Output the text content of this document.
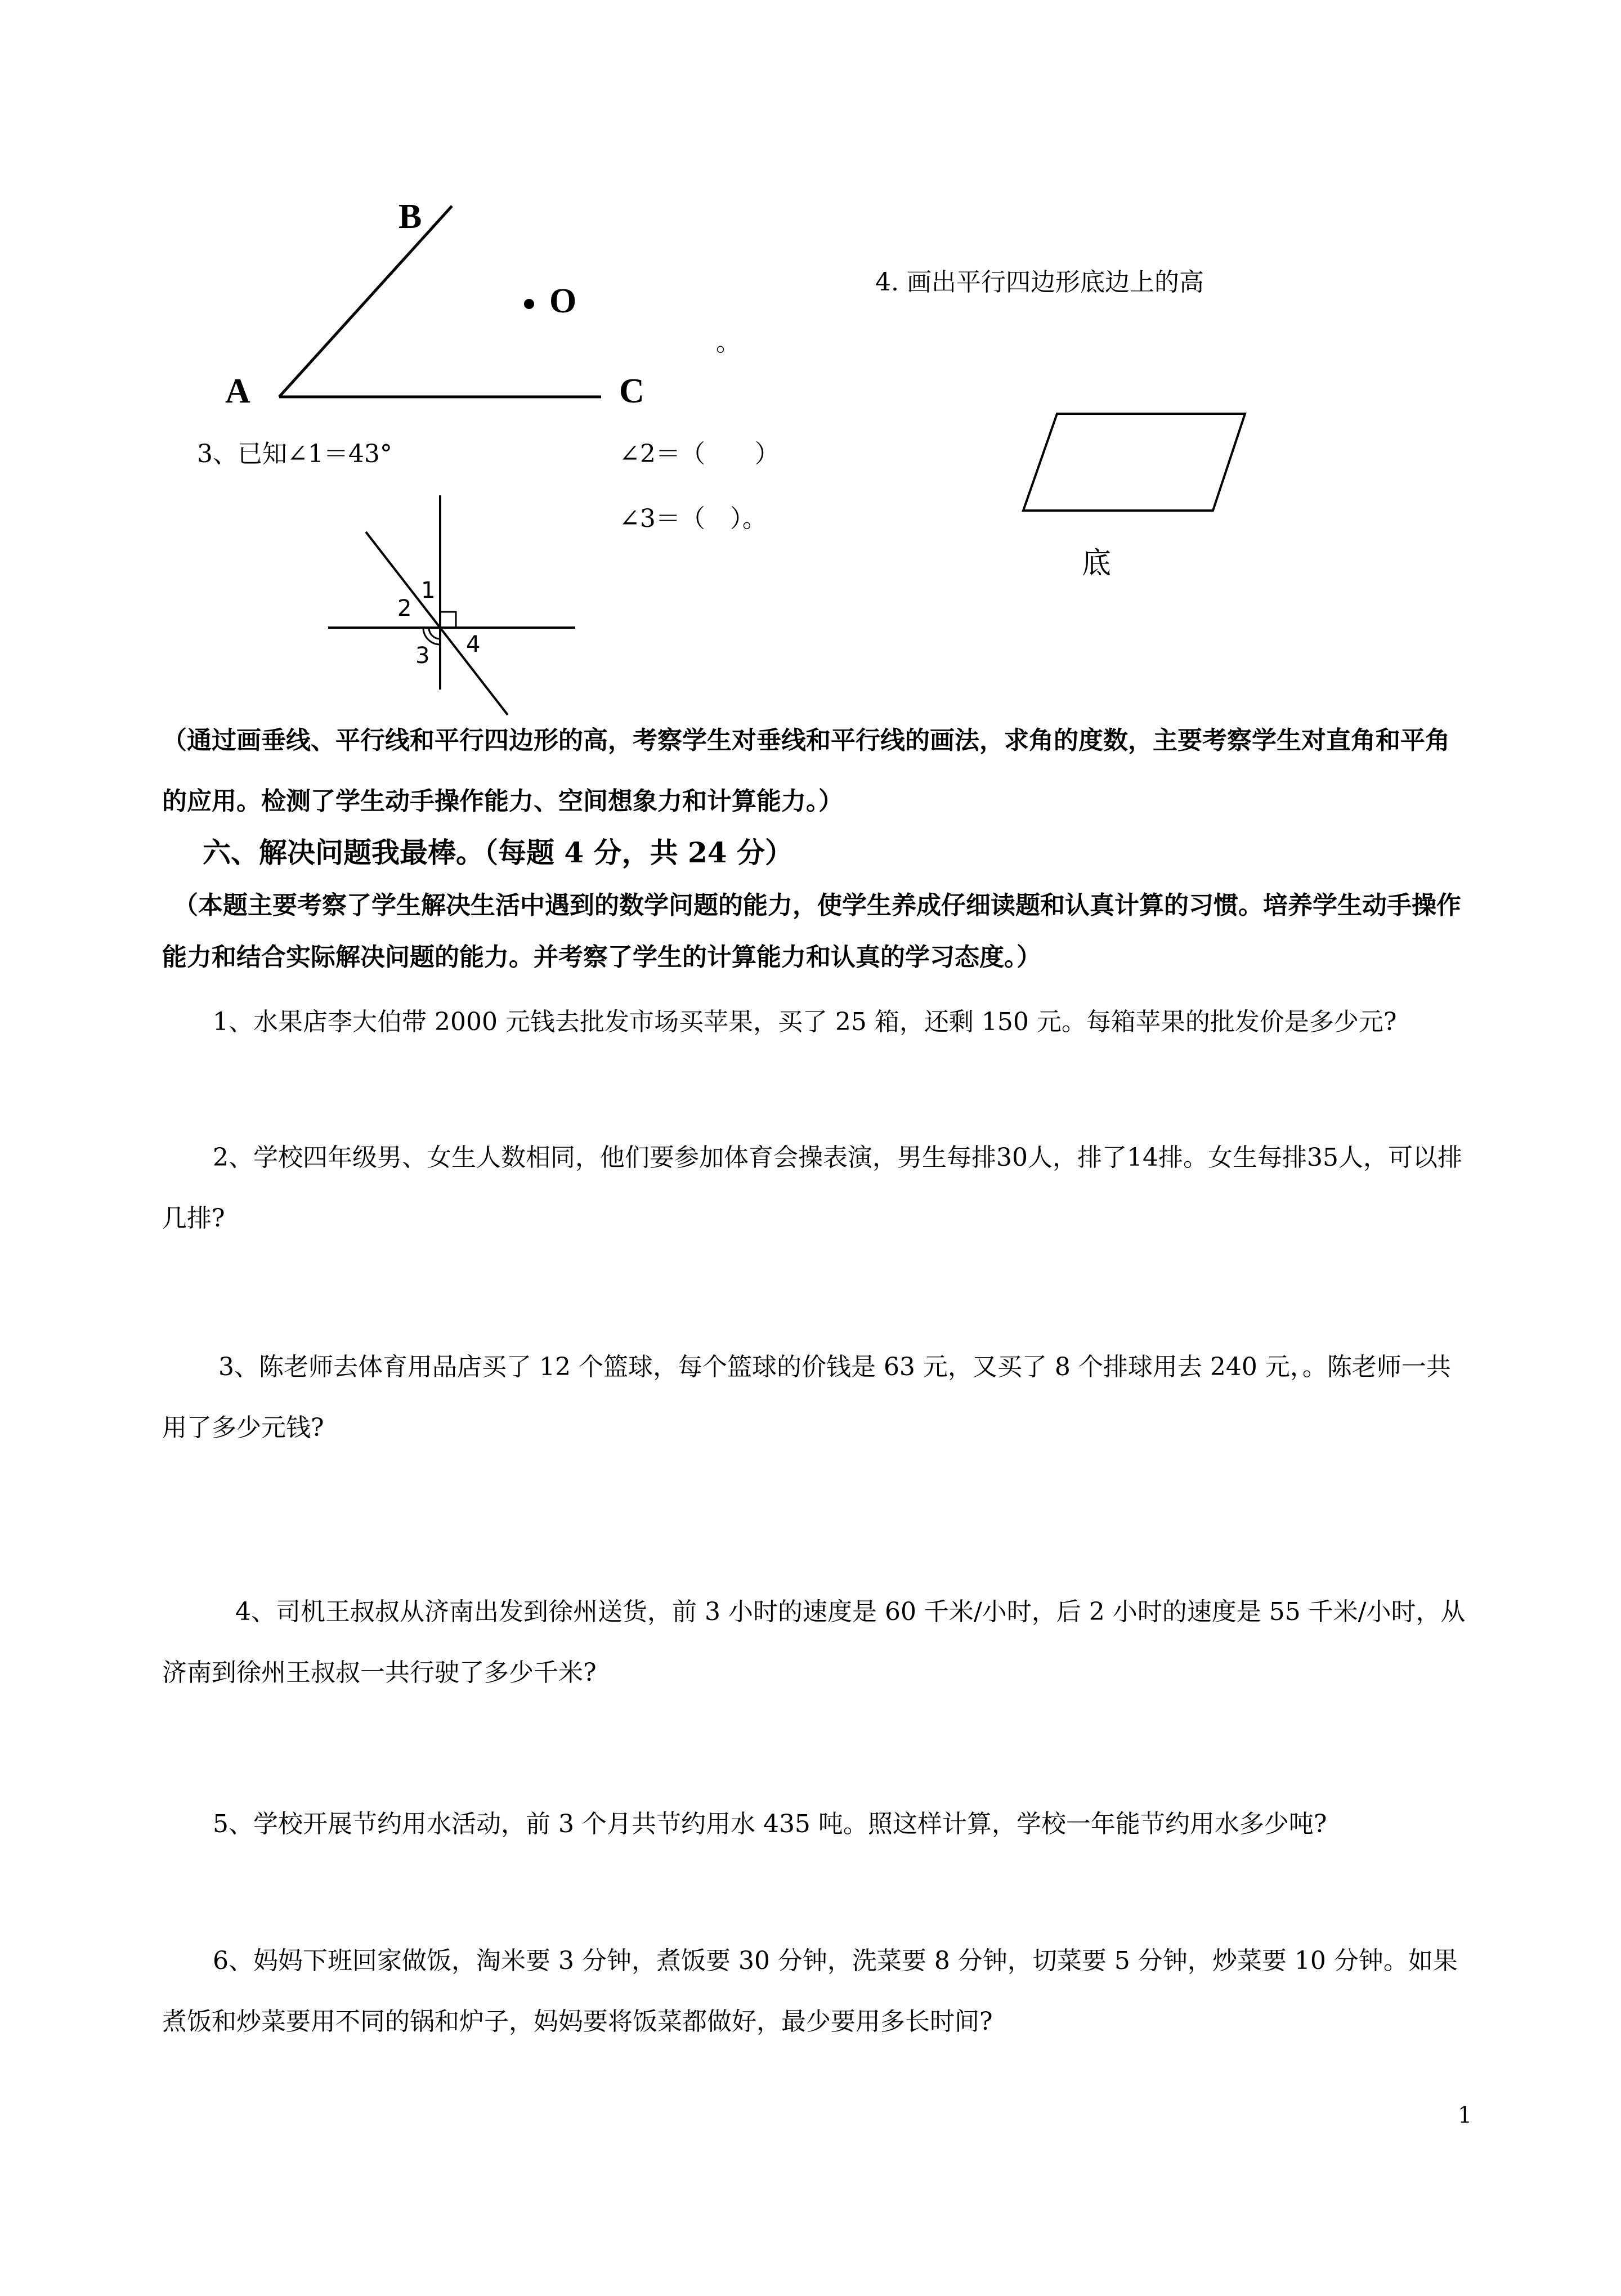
B
O
A	C
4. 画出平行四边形底边上的高
。
底
3、已知∠1＝43°	∠2＝（　　）
∠3＝（　）。
1
2
3 4
（通过画垂线、平行线和平行四边形的高，考察学生对垂线和平行线的画法，求角的度数，主要考察学生对直角和平角的应用。检测了学生动手操作能力、空间想象力和计算能力。）
六、解决问题我最棒。（每题 4 分，共 24 分）
（本题主要考察了学生解决生活中遇到的数学问题的能力，使学生养成仔细读题和认真计算的习惯。培养学生动手操作能力和结合实际解决问题的能力。并考察了学生的计算能力和认真的学习态度。）
1、水果店李大伯带 2000 元钱去批发市场买苹果，买了 25 箱，还剩 150 元。每箱苹果的批发价是多少元?
2、学校四年级男、女生人数相同，他们要参加体育会操表演，男生每排30人，排了14排。女生每排35人，可以排几排?
3、陈老师去体育用品店买了 12 个篮球，每个篮球的价钱是 63 元，又买了 8 个排球用去 240 元，。陈老师一共用了多少元钱?
4、司机王叔叔从济南出发到徐州送货，前 3 小时的速度是 60 千米/小时，后 2 小时的速度是 55 千米/小时，从济南到徐州王叔叔一共行驶了多少千米?
5、学校开展节约用水活动，前 3 个月共节约用水 435 吨。照这样计算，学校一年能节约用水多少吨?
6、妈妈下班回家做饭，淘米要 3 分钟，煮饭要 30 分钟，洗菜要 8 分钟，切菜要 5 分钟，炒菜要 10 分钟。如果煮饭和炒菜要用不同的锅和炉子，妈妈要将饭菜都做好，最少要用多长时间?
1
